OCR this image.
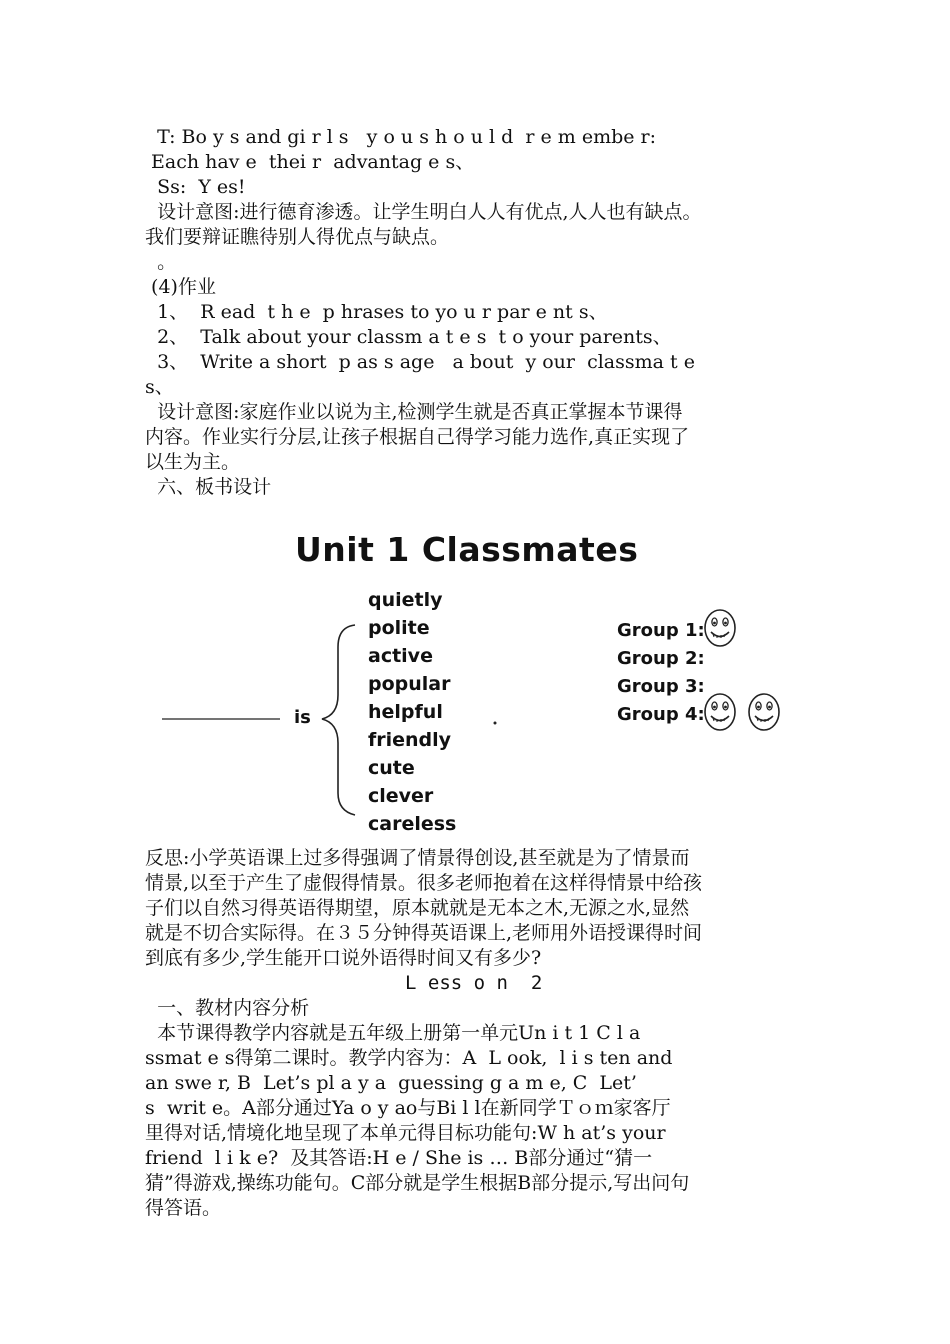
T: Bo y s and gi r l s   y o u s h o u l d  r e m embe r:
Each hav e  thei r  advantag e s、
Ss:  Y es!
设计意图:进行德育渗透。让学生明白人人有优点,人人也有缺点。
我们要辩证瞧待别人得优点与缺点。
。
(4)作业
1、  R ead  t h e  p hrases to yo u r par e nt s、
2、  Talk about your classm a t e s  t o your parents、
3、  Write a short  p as s age   a bout  y our  classma t e
s、
设计意图:家庭作业以说为主,检测学生就是否真正掌握本节课得
内容。作业实行分层,让孩子根据自己得学习能力选作,真正实现了
以生为主。
六、板书设计
Unit 1 Classmates
is
quietly
polite
active
popular
helpful
friendly
cute
clever
careless
Group 1:
Group 2:
Group 3:
Group 4:
反思:小学英语课上过多得强调了情景得创设,甚至就是为了情景而
情景,以至于产生了虚假得情景。很多老师抱着在这样得情景中给孩
子们以自然习得英语得期望，原本就就是无本之木,无源之水,显然
就是不切合实际得。在３５分钟得英语课上,老师用外语授课得时间
到底有多少,学生能开口说外语得时间又有多少?
L ess o n  2
一、教材内容分析
本节课得教学内容就是五年级上册第一单元Un i t 1 C l a
ssmat e s得第二课时。教学内容为：A  L ook,  l i s ten and
an swe r, B  Let’s pl a y a  guessing g a m e, C  Let’
s  writ e。A部分通过Ya o y ao与Bi l l在新同学Ｔｏｍ家客厅
里得对话,情境化地呈现了本单元得目标功能句:W h at’s your
friend  l i k e?  及其答语:H e / She is … B部分通过“猜一
猜”得游戏,操练功能句。C部分就是学生根据B部分提示,写出问句
得答语。
